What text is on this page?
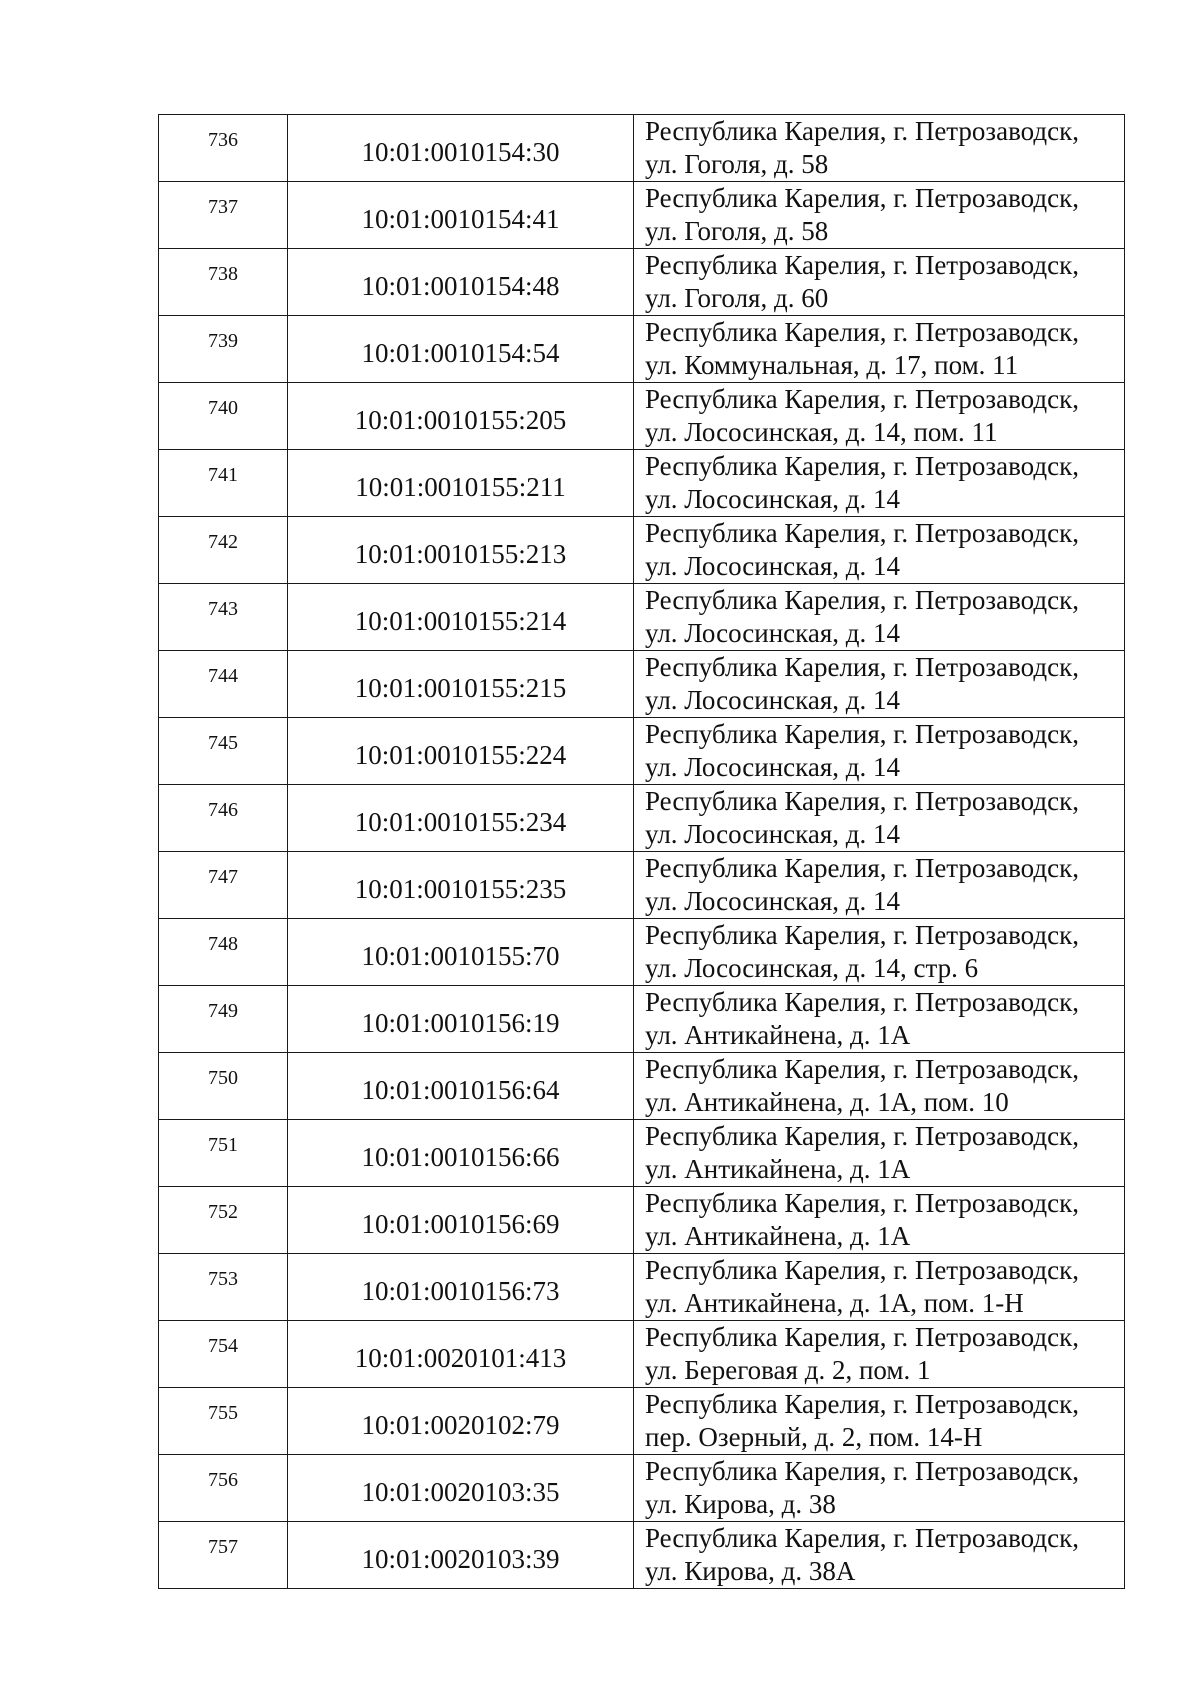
736	10:01:0010154:30	Республика Карелия, г. Петрозаводск,
ул. Гоголя, д. 58

737	10:01:0010154:41	Республика Карелия, г. Петрозаводск,
ул. Гоголя, д. 58

738	10:01:0010154:48	Республика Карелия, г. Петрозаводск,
ул. Гоголя, д. 60

739	10:01:0010154:54	Республика Карелия, г. Петрозаводск,
ул. Коммунальная, д. 17, пом. 11

740	10:01:0010155:205	Республика Карелия, г. Петрозаводск,
ул. Лососинская, д. 14, пом. 11

741	10:01:0010155:211	Республика Карелия, г. Петрозаводск,
ул. Лососинская, д. 14

742	10:01:0010155:213	Республика Карелия, г. Петрозаводск,
ул. Лососинская, д. 14

743	10:01:0010155:214	Республика Карелия, г. Петрозаводск,
ул. Лососинская, д. 14

744	10:01:0010155:215	Республика Карелия, г. Петрозаводск,
ул. Лососинская, д. 14

745	10:01:0010155:224	Республика Карелия, г. Петрозаводск,
ул. Лососинская, д. 14

746	10:01:0010155:234	Республика Карелия, г. Петрозаводск,
ул. Лососинская, д. 14

747	10:01:0010155:235	Республика Карелия, г. Петрозаводск,
ул. Лососинская, д. 14

748	10:01:0010155:70	Республика Карелия, г. Петрозаводск,
ул. Лососинская, д. 14, стр. 6

749	10:01:0010156:19	Республика Карелия, г. Петрозаводск,
ул. Антикайнена, д. 1А

750	10:01:0010156:64	Республика Карелия, г. Петрозаводск,
ул. Антикайнена, д. 1А, пом. 10

751	10:01:0010156:66	Республика Карелия, г. Петрозаводск,
ул. Антикайнена, д. 1А

752	10:01:0010156:69	Республика Карелия, г. Петрозаводск,
ул. Антикайнена, д. 1А

753	10:01:0010156:73	Республика Карелия, г. Петрозаводск,
ул. Антикайнена, д. 1А, пом. 1-Н

754	10:01:0020101:413	Республика Карелия, г. Петрозаводск,
ул. Береговая д. 2, пом. 1

755	10:01:0020102:79	Республика Карелия, г. Петрозаводск,
пер. Озерный, д. 2, пом. 14-Н

756	10:01:0020103:35	Республика Карелия, г. Петрозаводск,
ул. Кирова, д. 38

757	10:01:0020103:39	Республика Карелия, г. Петрозаводск,
ул. Кирова, д. 38А
